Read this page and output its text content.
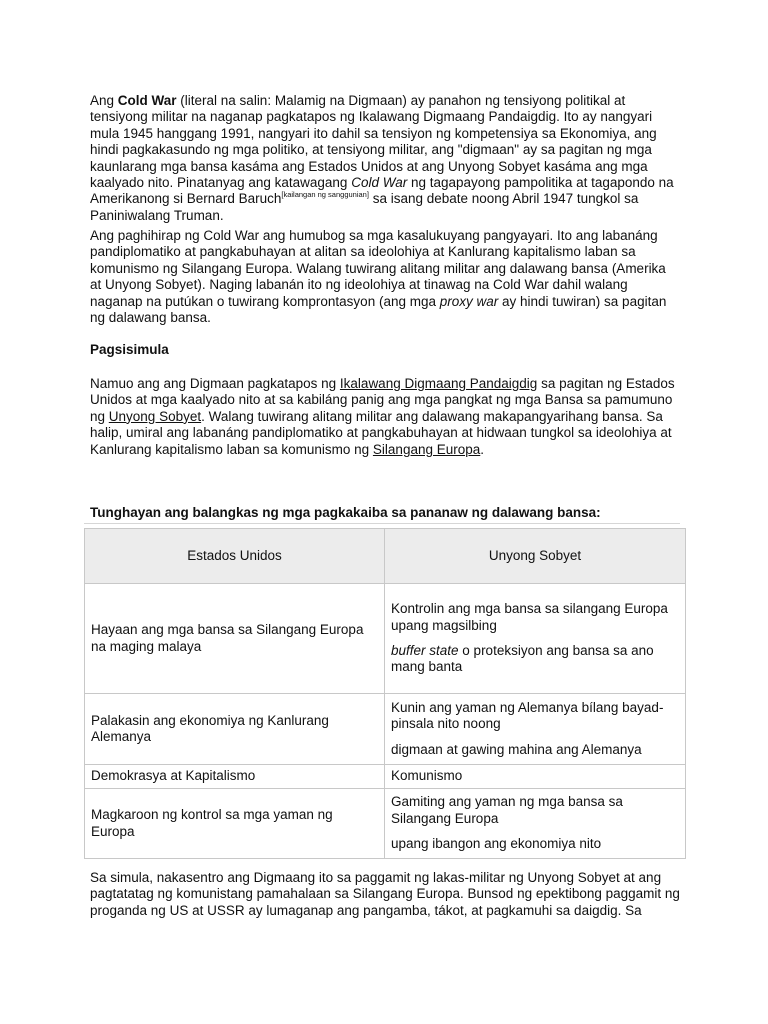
Ang Cold War (literal na salin: Malamig na Digmaan) ay panahon ng tensiyong politikal at tensiyong militar na naganap pagkatapos ng Ikalawang Digmaang Pandaigdig. Ito ay nangyari mula 1945 hanggang 1991, nangyari ito dahil sa tensiyon ng kompetensiya sa Ekonomiya, ang hindi pagkakasundo ng mga politiko, at tensiyong militar, ang "digmaan" ay sa pagitan ng mga kaunlarang mga bansa kasáma ang Estados Unidos at ang Unyong Sobyet kasáma ang mga kaalyado nito. Pinatanyag ang katawagang Cold War ng tagapayong pampolitika at tagapondo na Amerikanong si Bernard Baruch[kailangan ng sanggunian] sa isang debate noong Abril 1947 tungkol sa Paniniwalang Truman.

Ang paghihirap ng Cold War ang humubog sa mga kasalukuyang pangyayari. Ito ang labanáng pandiplomatiko at pangkabuhayan at alitan sa ideolohiya at Kanlurang kapitalismo laban sa komunismo ng Silangang Europa. Walang tuwirang alitang militar ang dalawang bansa (Amerika at Unyong Sobyet). Naging labanán ito ng ideolohiya at tinawag na Cold War dahil walang naganap na putúkan o tuwirang komprontasyon (ang mga proxy war ay hindi tuwiran) sa pagitan ng dalawang bansa.

Pagsisimula

Namuo ang ang Digmaan pagkatapos ng Ikalawang Digmaang Pandaigdig sa pagitan ng Estados Unidos at mga kaalyado nito at sa kabiláng panig ang mga pangkat ng mga Bansa sa pamumuno ng Unyong Sobyet. Walang tuwirang alitang militar ang dalawang makapangyarihang bansa. Sa halip, umiral ang labanáng pandiplomatiko at pangkabuhayan at hidwaan tungkol sa ideolohiya at Kanlurang kapitalismo laban sa komunismo ng Silangang Europa.

Tunghayan ang balangkas ng mga pagkakaiba sa pananaw ng dalawang bansa:
Estados Unidos	Unyong Sobyet

Hayaan ang mga bansa sa Silangang Europa na maging malaya	Kontrolin ang mga bansa sa silangang Europa upang magsilbing

buffer state o proteksiyon ang bansa sa ano mang banta

Palakasin ang ekonomiya ng Kanlurang Alemanya	Kunin ang yaman ng Alemanya bílang bayad-pinsala nito noong

digmaan at gawing mahina ang Alemanya

Demokrasya at Kapitalismo	Komunismo

Magkaroon ng kontrol sa mga yaman ng Europa	Gamiting ang yaman ng mga bansa sa Silangang Europa

upang ibangon ang ekonomiya nito

Sa simula, nakasentro ang Digmaang ito sa paggamit ng lakas-militar ng Unyong Sobyet at ang pagtatatag ng komunistang pamahalaan sa Silangang Europa. Bunsod ng epektibong paggamit ng proganda ng US at USSR ay lumaganap ang pangamba, tákot, at pagkamuhi sa daigdig. Sa
